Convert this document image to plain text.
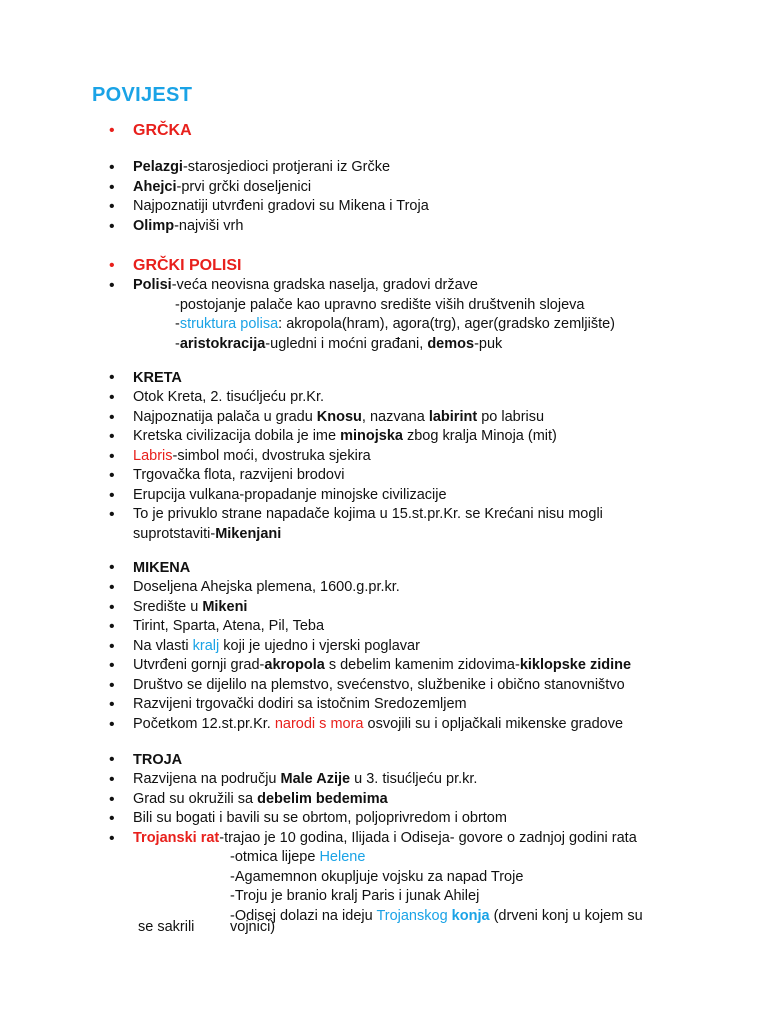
POVIJEST
• GRČKA
• Pelazgi-starosjedioci protjerani iz Grčke
• Ahejci-prvi grčki doseljenici
• Najpoznatiji utvrđeni gradovi su Mikena i Troja
• Olimp-najviši vrh
• GRČKI POLISI
• Polisi-veća neovisna gradska naselja, gradovi države
-postojanje palače kao upravno središte viših društvenih slojeva
-struktura polisa: akropola(hram), agora(trg), ager(gradsko zemljište)
-aristokracija-ugledni i moćni građani, demos-puk
• KRETA
• Otok Kreta, 2. tisućljeću pr.Kr.
• Najpoznatija palača u gradu Knosu, nazvana labirint po labrisu
• Kretska civilizacija dobila je ime minojska zbog kralja Minoja (mit)
• Labris-simbol moći, dvostruka sjekira
• Trgovačka flota, razvijeni brodovi
• Erupcija vulkana-propadanje minojske civilizacije
• To je privuklo strane napadače kojima u 15.st.pr.Kr. se Krećani nisu mogli suprotstaviti-Mikenjani
• MIKENA
• Doseljena Ahejska plemena, 1600.g.pr.kr.
• Središte u Mikeni
• Tirint, Sparta, Atena, Pil, Teba
• Na vlasti kralj koji je ujedno i vjerski poglavar
• Utvrđeni gornji grad-akropola s debelim kamenim zidovima-kiklopske zidine
• Društvo se dijelilo na plemstvo, svećenstvo, službenike i obično stanovništvo
• Razvijeni trgovački dodiri sa istočnim Sredozemljem
• Početkom 12.st.pr.Kr. narodi s mora osvojili su i opljačkali mikenske gradove
• TROJA
• Razvijena na području Male Azije u 3. tisućljeću pr.kr.
• Grad su okružili sa debelim bedemima
• Bili su bogati i bavili su se obrtom, poljoprivredom i obrtom
• Trojanski rat-trajao je 10 godina, Ilijada i Odiseja- govore o zadnjoj godini rata
-otmica lijepe Helene
-Agamemnon okupljuje vojsku za napad Troje
-Troju je branio kralj Paris i junak Ahilej
-Odisej dolazi na ideju Trojanskog konja (drveni konj u kojem su
se sakrili vojnici)
